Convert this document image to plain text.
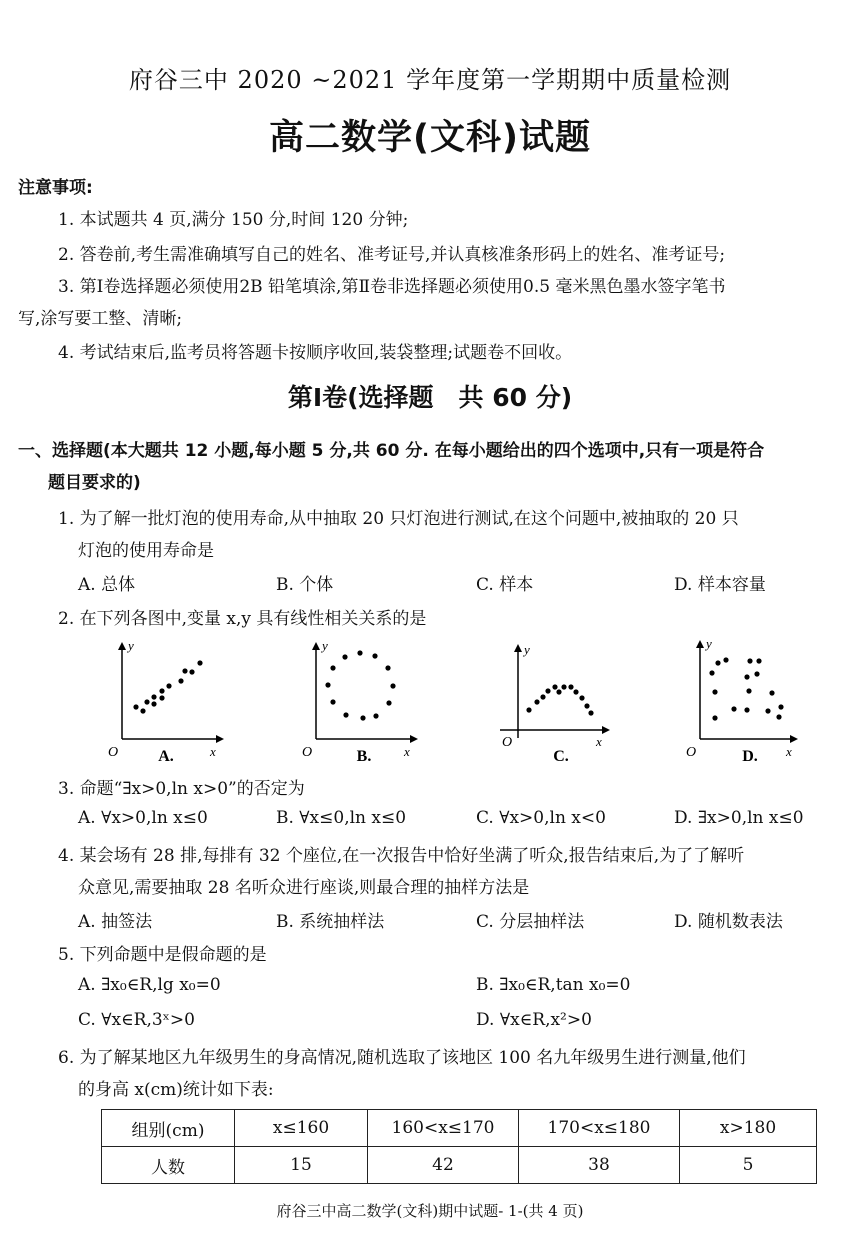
府谷三中 2020 ~2021 学年度第一学期期中质量检测
高二数学(文科)试题
注意事项:
1. 本试题共 4 页,满分 150 分,时间 120 分钟;
2. 答卷前,考生需准确填写自己的姓名、准考证号,并认真核准条形码上的姓名、准考证号;
3. 第Ⅰ卷选择题必须使用2B 铅笔填涂,第Ⅱ卷非选择题必须使用0.5 毫米黑色墨水签字笔书
写,涂写要工整、清晰;
4. 考试结束后,监考员将答题卡按顺序收回,装袋整理;试题卷不回收。
第Ⅰ卷(选择题　共 60 分)
一、选择题(本大题共 12 小题,每小题 5 分,共 60 分. 在每小题给出的四个选项中,只有一项是符合
题目要求的)
1. 为了解一批灯泡的使用寿命,从中抽取 20 只灯泡进行测试,在这个问题中,被抽取的 20 只
灯泡的使用寿命是
A. 总体	B. 个体	C. 样本	D. 样本容量
2. 在下列各图中,变量 x,y 具有线性相关关系的是
y
x
O	A.
y
x
O	B.
y
x
O
C.
y
x
O	D.
3. 命题“∃x>0,ln x>0”的否定为
A. ∀x>0,ln x≤0	B. ∀x≤0,ln x≤0	C. ∀x>0,ln x<0	D. ∃x>0,ln x≤0
4. 某会场有 28 排,每排有 32 个座位,在一次报告中恰好坐满了听众,报告结束后,为了了解听
众意见,需要抽取 28 名听众进行座谈,则最合理的抽样方法是
A. 抽签法	B. 系统抽样法	C. 分层抽样法	D. 随机数表法
5. 下列命题中是假命题的是
A. ∃x₀∈R,lg x₀=0	B. ∃x₀∈R,tan x₀=0
C. ∀x∈R,3ˣ>0	D. ∀x∈R,x²>0
6. 为了解某地区九年级男生的身高情况,随机选取了该地区 100 名九年级男生进行测量,他们
的身高 x(cm)统计如下表:
组别(cm)	x≤160	160<x≤170	170<x≤180	x>180
人数	15	42	38	5
府谷三中高二数学(文科)期中试题- 1-(共 4 页)
